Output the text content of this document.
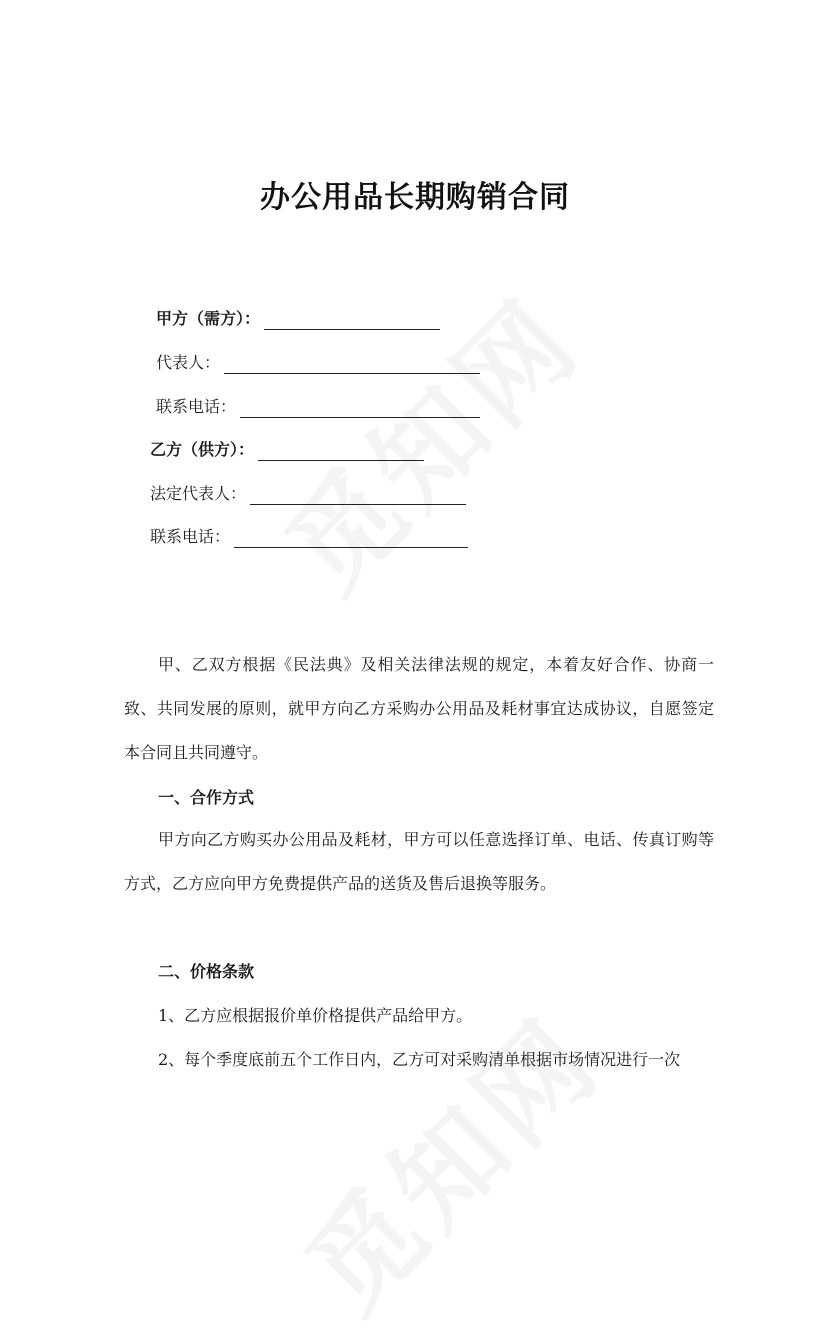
办公用品长期购销合同
甲方（需方）：
代表人：
联系电话：
乙方（供方）：
法定代表人：
联系电话：
甲、乙双方根据《民法典》及相关法律法规的规定，本着友好合作、协商一致、共同发展的原则，就甲方向乙方采购办公用品及耗材事宜达成协议，自愿签定本合同且共同遵守。
一、合作方式
甲方向乙方购买办公用品及耗材，甲方可以任意选择订单、电话、传真订购等方式，乙方应向甲方免费提供产品的送货及售后退换等服务。
二、价格条款
1、乙方应根据报价单价格提供产品给甲方。
2、每个季度底前五个工作日内，乙方可对采购清单根据市场情况进行一次
